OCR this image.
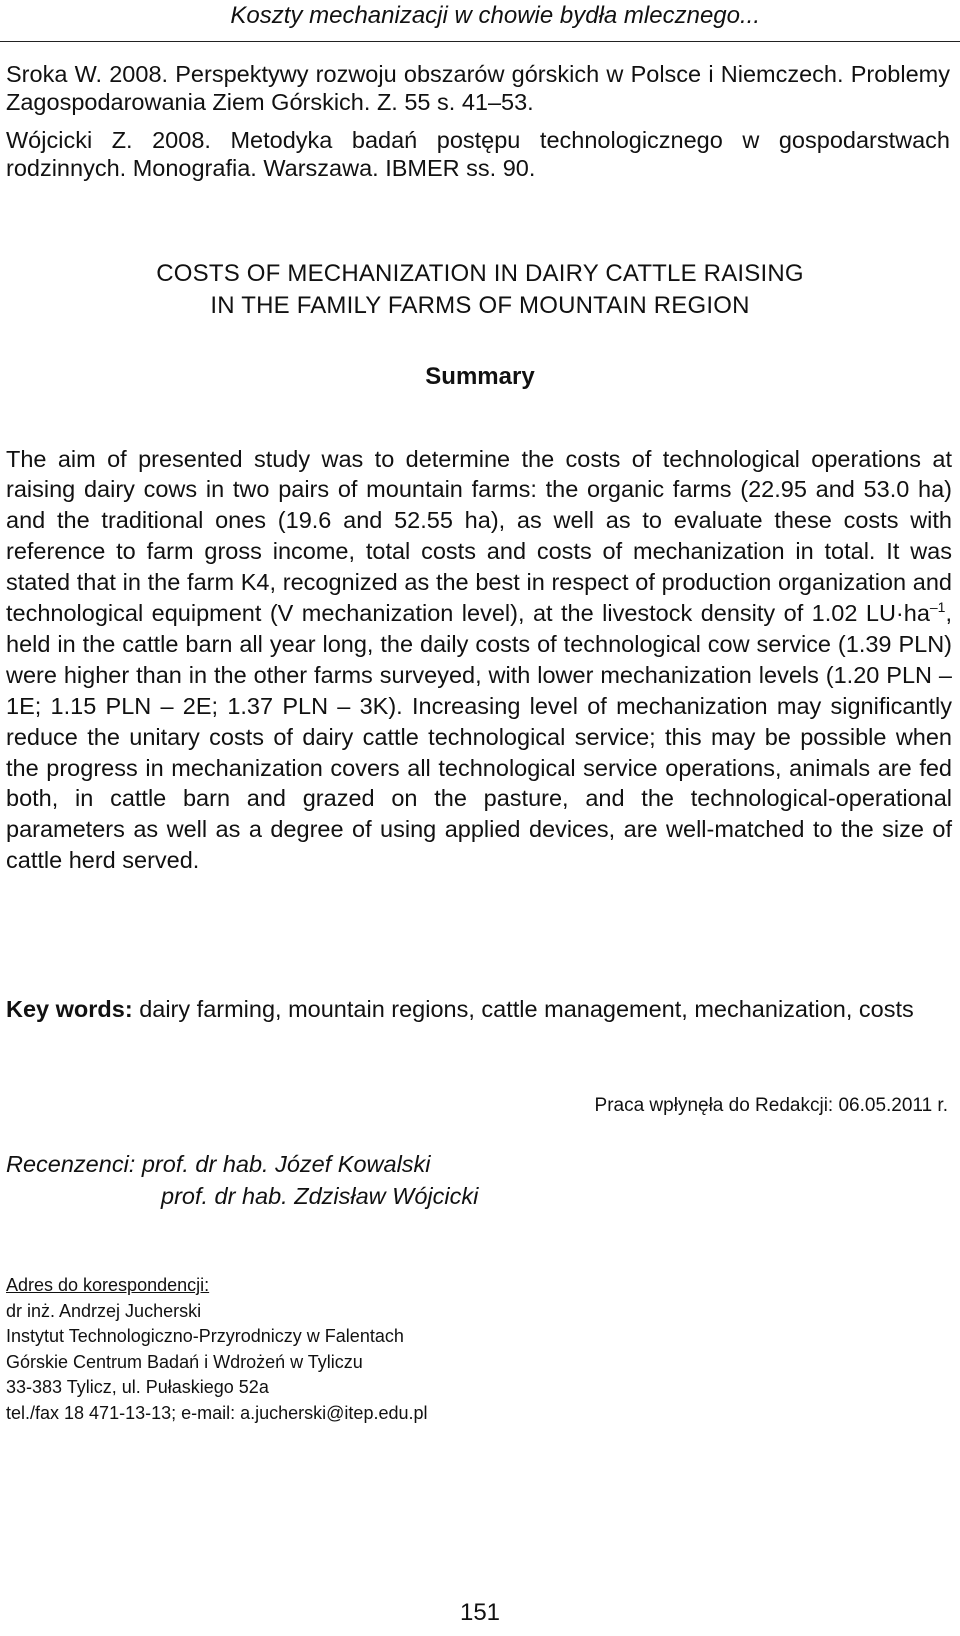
Koszty mechanizacji w chowie bydła mlecznego...

Sroka W. 2008. Perspektywy rozwoju obszarów górskich w Polsce i Niemczech. Problemy Zagospodarowania Ziem Górskich. Z. 55 s. 41–53.

Wójcicki Z. 2008. Metodyka badań postępu technologicznego w gospodarstwach rodzinnych. Monografia. Warszawa. IBMER ss. 90.

COSTS OF MECHANIZATION IN DAIRY CATTLE RAISING
IN THE FAMILY FARMS OF MOUNTAIN REGION
Summary

The aim of presented study was to determine the costs of technological operations at raising dairy cows in two pairs of mountain farms: the organic farms (22.95 and 53.0 ha) and the traditional ones (19.6 and 52.55 ha), as well as to evaluate these costs with reference to farm gross income, total costs and costs of mechanization in total. It was stated that in the farm K4, recognized as the best in respect of production organization and technological equipment (V mechanization level), at the livestock density of 1.02 $LU\cdot ha^{-1}$, held in the cattle barn all year long, the daily costs of technological cow service (1.39 PLN) were higher than in the other farms surveyed, with lower mechanization levels (1.20 PLN – 1E; 1.15 PLN – 2E; 1.37 PLN – 3K). Increasing level of mechanization may significantly reduce the unitary costs of dairy cattle technological service; this may be possible when the progress in mechanization covers all technological service operations, animals are fed both, in cattle barn and grazed on the pasture, and the technological-operational parameters as well as a degree of using applied devices, are well-matched to the size of cattle herd served.

Key words: dairy farming, mountain regions, cattle management, mechanization, costs

Praca wpłynęła do Redakcji: 06.05.2011 r.
Recenzenci: prof. dr hab. Józef Kowalski
prof. dr hab. Zdzisław Wójcicki
Adres do korespondencji:
dr inż. Andrzej Jucherski
Instytut Technologiczno-Przyrodniczy w Falentach
Górskie Centrum Badań i Wdrożeń w Tyliczu
33-383 Tylicz, ul. Pułaskiego 52a
tel./fax 18 471-13-13; e-mail: a.jucherski@itep.edu.pl
151
